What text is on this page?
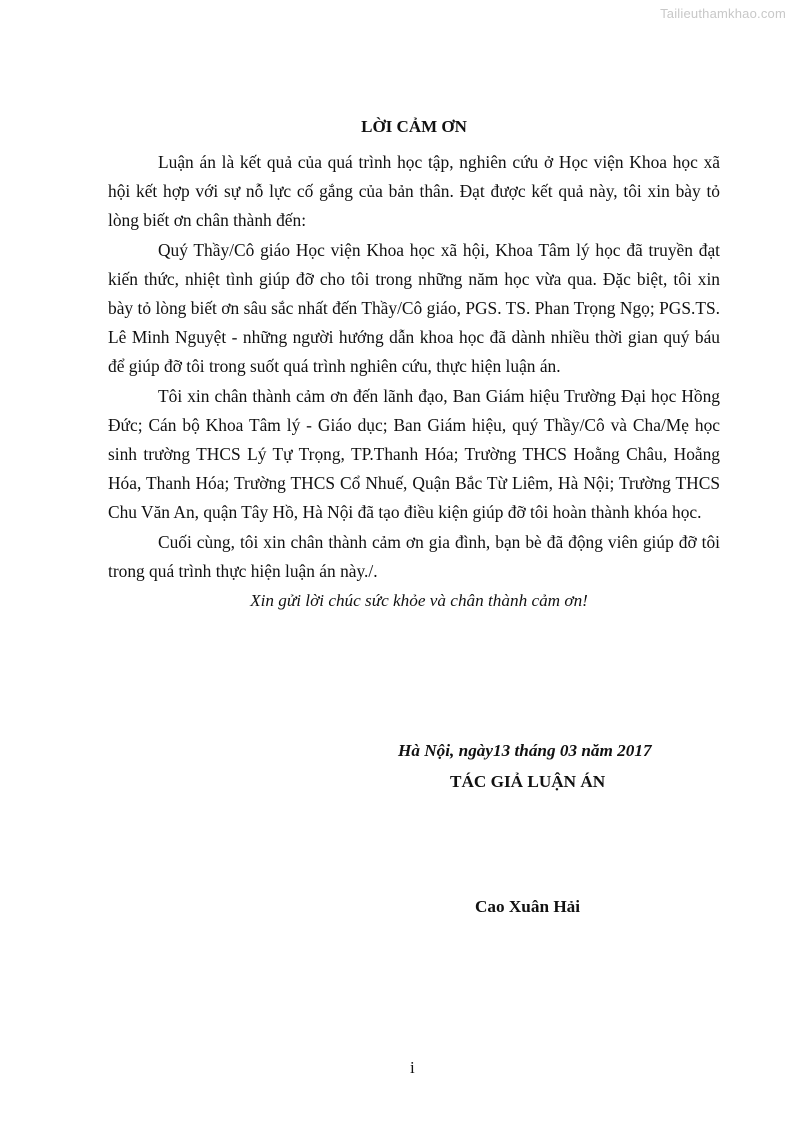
Tailieuthamkhao.com
LỜI CẢM ƠN

Luận án là kết quả của quá trình học tập, nghiên cứu ở Học viện Khoa học xã hội kết hợp với sự nỗ lực cố gắng của bản thân. Đạt được kết quả này, tôi xin bày tỏ lòng biết ơn chân thành đến:

Quý Thầy/Cô giáo Học viện Khoa học xã hội, Khoa Tâm lý học đã truyền đạt kiến thức, nhiệt tình giúp đỡ cho tôi trong những năm học vừa qua. Đặc biệt, tôi xin bày tỏ lòng biết ơn sâu sắc nhất đến Thầy/Cô giáo, PGS. TS. Phan Trọng Ngọ; PGS.TS. Lê Minh Nguyệt - những người hướng dẫn khoa học đã dành nhiều thời gian quý báu để giúp đỡ tôi trong suốt quá trình nghiên cứu, thực hiện luận án.

Tôi xin chân thành cảm ơn đến lãnh đạo, Ban Giám hiệu Trường Đại học Hồng Đức; Cán bộ Khoa Tâm lý - Giáo dục; Ban Giám hiệu, quý Thầy/Cô và Cha/Mẹ học sinh trường THCS Lý Tự Trọng, TP.Thanh Hóa; Trường THCS Hoằng Châu, Hoằng Hóa, Thanh Hóa; Trường THCS Cổ Nhuế, Quận Bắc Từ Liêm, Hà Nội; Trường THCS Chu Văn An, quận Tây Hồ, Hà Nội đã tạo điều kiện giúp đỡ tôi hoàn thành khóa học.

Cuối cùng, tôi xin chân thành cảm ơn gia đình, bạn bè đã động viên giúp đỡ tôi trong quá trình thực hiện luận án này./.

Xin gửi lời chúc sức khỏe và chân thành cảm ơn!

Hà Nội, ngày13 tháng 03 năm 2017
TÁC GIẢ LUẬN ÁN
Cao Xuân Hải
i
